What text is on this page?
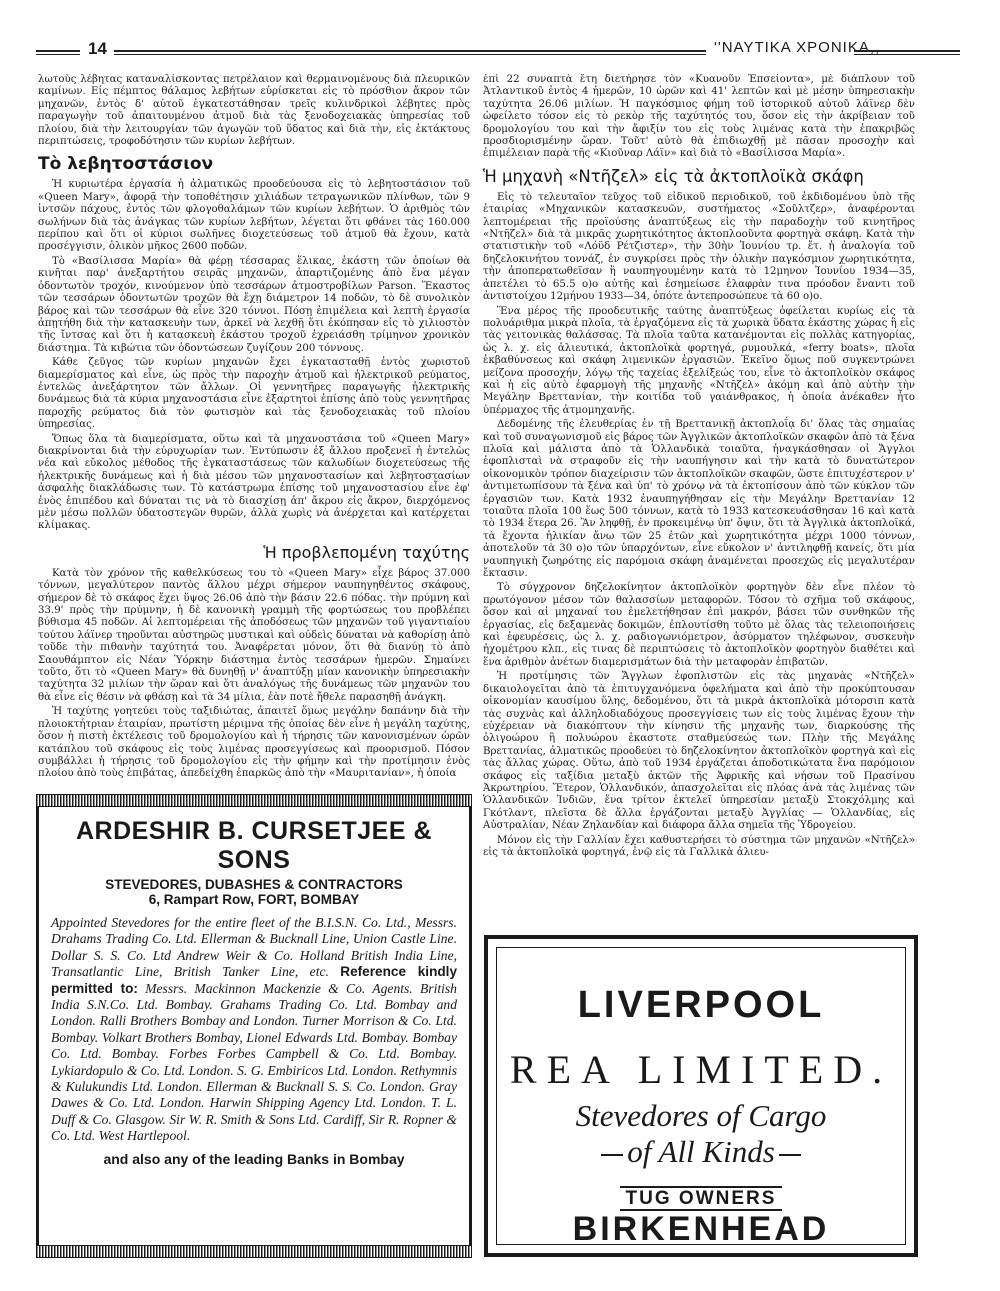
14	''ΝΑΥΤΙΚΑ ΧΡΟΝΙΚΑ,,

λωτοὺς λέβητας καταναλίσκοντας πετρέλαιον καὶ θερμαινομένους διὰ πλευρικῶν καμίνων. Εἰς πέμπτος θάλαμος λεβήτων εὑρίσκεται εἰς τὸ πρόσθιον ἄκρον τῶν μηχανῶν, ἐντὸς δ' αὐτοῦ ἐγκατεστάθησαν τρεῖς κυλινδρικοὶ λέβητες πρὸς παραγωγὴν τοῦ ἀπαιτουμένου ἀτμοῦ διὰ τὰς ξενοδοχειακὰς ὑπηρεσίας τοῦ πλοίου, διὰ τὴν λειτουργίαν τῶν ἀγωγῶν τοῦ ὕδατος καὶ διὰ τὴν, εἰς ἐκτάκτους περιπτώσεις, τροφοδότησιν τῶν κυρίων λεβήτων.

Τὸ λεβητοστάσιον

Ἡ κυριωτέρα ἐργασία ἡ ἀλματικῶς προοδεύουσα εἰς τὸ λεβητοστάσιον τοῦ «Queen Mary», ἀφορᾷ τὴν τοποθέτησιν χιλιάδων τετραγωνικῶν πλίνθων, τῶν 9 ἰντσῶν πάχους, ἐντὸς τῶν φλογοθαλάμων τῶν κυρίων λεβήτων. Ὁ ἀριθμὸς τῶν σωλήνων διὰ τὰς ἀνάγκας τῶν κυρίων λεβήτων, λέγεται ὅτι φθάνει τὰς 160.000 περίπου καὶ ὅτι οἱ κύριοι σωλῆνες διοχετεύσεως τοῦ ἀτμοῦ θὰ ἔχουν, κατὰ προσέγγισιν, ὁλικὸν μῆκος 2600 ποδῶν.

Τὸ «Βασίλισσα Μαρία» θὰ φέρῃ τέσσαρας ἕλικας, ἑκάστη τῶν ὁποίων θὰ κινῆται παρ' ἀνεξαρτήτου σειρᾶς μηχανῶν, ἀπαρτιζομένης ἀπὸ ἕνα μέγαν ὀδοντωτὸν τροχόν, κινούμενον ὑπὸ τεσσάρων ἀτμοστροβίλων Parson. Ἕκαστος τῶν τεσσάρων ὀδοντωτῶν τροχῶν θὰ ἔχῃ διάμετρον 14 ποδῶν, τὸ δὲ συνολικὸν βάρος καὶ τῶν τεσσάρων θὰ εἶνε 320 τόννοι. Πόσῃ ἐπιμέλεια καὶ λεπτὴ ἐργασία ἀπῃτήθη διὰ τὴν κατασκευὴν των, ἀρκεῖ νὰ λεχθῇ ὅτι ἐκόπησαν εἰς τὸ χιλιοστὸν τῆς ἴντσας καὶ ὅτι ἡ κατασκευὴ ἑκάστου τροχοῦ ἐχρειάσθη τρίμηνον χρονικὸν διάστημα. Τὰ κιβώτια τῶν ὀδοντώσεων ζυγίζουν 200 τόννους.

Κάθε ζεῦγος τῶν κυρίων μηχανῶν ἔχει ἐγκατασταθῇ ἐντὸς χωριστοῦ διαμερίσματος καὶ εἶνε, ὡς πρὸς τὴν παροχὴν ἀτμοῦ καὶ ἠλεκτρικοῦ ρεύματος, ἐντελῶς ἀνεξάρτητον τῶν ἄλλων. Οἱ γεννητῆρες παραγωγῆς ἠλεκτρικῆς δυνάμεως διὰ τὰ κύρια μηχανοστάσια εἶνε ἐξαρτητοὶ ἐπίσης ἀπὸ τοὺς γεννητῆρας παροχῆς ρεύματος διὰ τὸν φωτισμὸν καὶ τὰς ξενοδοχειακὰς τοῦ πλοίου ὑπηρεσίας.

Ὅπως ὅλα τὰ διαμερίσματα, οὕτω καὶ τὰ μηχανοστάσια τοῦ «Queen Mary» διακρίνονται διὰ τὴν εὐρυχωρίαν των. Ἐντύπωσιν ἐξ ἄλλου προξενεῖ ἡ ἐντελὼς νέα καὶ εὔκολος μέθοδος τῆς ἐγκαταστάσεως τῶν καλωδίων διοχετεύσεως τῆς ἠλεκτρικῆς δυνάμεως καὶ ἡ διὰ μέσου τῶν μηχανοστασίων καὶ λεβητοστασίων ἀσφαλὴς διακλάδωσις των. Τὸ κατάστρωμα ἐπίσης τοῦ μηχανοστασίου εἶνε ἐφ' ἑνὸς ἐπιπέδου καὶ δύναται τις νὰ τὸ διασχίσῃ ἀπ' ἄκρου εἰς ἄκρον, διερχόμενος μὲν μέσω πολλῶν ὑδατοστεγῶν θυρῶν, ἀλλὰ χωρὶς νὰ ἀνέρχεται καὶ κατέρχεται κλίμακας.

Ἡ προβλεπομένη ταχύτης

Κατὰ τὸν χρόνον τῆς καθελκύσεως του τὸ «Queen Mary» εἶχε βάρος 37.000 τόννων, μεγαλύτερον παντὸς ἄλλου μέχρι σήμερον ναυπηγηθέντος σκάφους, σήμερον δὲ τὸ σκάφος ἔχει ὕψος 26.06 ἀπὸ τὴν βάσιν 22.6 πόδας. τὴν πρύμνη καὶ 33.9' πρὸς τὴν πρύμνην, ἡ δὲ κανονικὴ γραμμὴ τῆς φορτώσεως του προβλέπει βύθισμα 45 ποδῶν. Αἱ λεπτομέρειαι τῆς ἀποδόσεως τῶν μηχανῶν τοῦ γιγαντιαίου τούτου λάϊνερ τηροῦνται αὐστηρῶς μυστικαὶ καὶ οὐδεὶς δύναται νὰ καθορίσῃ ἀπὸ τοῦδε τὴν πιθανὴν ταχύτητά του. Ἀναφέρεται μόνον, ὅτι θὰ διανύῃ τὸ ἀπὸ Σαουθάμπτον εἰς Νέαν Ὑόρκην διάστημα ἐντὸς τεσσάρων ἡμερῶν. Σημαίνει τοῦτο, ὅτι τὸ «Queen Mary» θὰ δυνηθῇ ν' ἀναπτύξῃ μίαν κανονικὴν ὑπηρεσιακὴν ταχύτητα 32 μιλίων τὴν ὥραν καὶ ὅτι ἀναλόγως τῆς δυνάμεως τῶν μηχανῶν του θὰ εἶνε εἰς θέσιν νὰ φθάσῃ καὶ τὰ 34 μίλια, ἐὰν ποτὲ ἤθελε παρασηθῇ ἀνάγκη.

Ἡ ταχύτης γοητεύει τοὺς ταξιδιώτας, ἀπαιτεῖ ὅμως μεγάλην δαπάνην διὰ τὴν πλοιοκτήτριαν ἑταιρίαν, πρωτίστη μέριμνα τῆς ὁποίας δὲν εἶνε ἡ μεγάλη ταχύτης, ὅσον ἡ πιστὴ ἐκτέλεσις τοῦ δρομολογίου καὶ ἡ τήρησις τῶν κανονισμένων ὡρῶν κατάπλου τοῦ σκάφους εἰς τοὺς λιμένας προσεγγίσεως καὶ προορισμοῦ. Πόσον συμβάλλει ἡ τήρησις τοῦ δρομολογίου εἰς τὴν φήμην καὶ τὴν προτίμησιν ἑνὸς πλοίου ἀπὸ τοὺς ἐπιβάτας, ἀπεδείχθη ἐπαρκῶς ἀπὸ τὴν «Μαυριτανίαν», ἡ ὁποία

ἐπὶ 22 συναπτὰ ἔτη διετήρησε τὸν «Κυανοῦν Ἐπσείοντα», μὲ διάπλουν τοῦ Ἀτλαντικοῦ ἐντὸς 4 ἡμερῶν, 10 ὡρῶν καὶ 41' λεπτῶν καὶ μὲ μέσην ὑπηρεσιακὴν ταχύτητα 26.06 μιλίων. Ἡ παγκόσμιος φήμη τοῦ ἱστορικοῦ αὐτοῦ λάϊνερ δὲν ὠφείλετο τόσον εἰς τὸ ρεκὸρ τῆς ταχύτητός του, ὅσον εἰς τὴν ἀκρίβειαν τοῦ δρομολογίου του καὶ τὴν ἄφιξίν του εἰς τοὺς λιμένας κατὰ τὴν ἐπακριβῶς προσδιορισμένην ὥραν. Τοῦτ' αὐτὸ θὰ ἐπιδιωχθῇ μὲ πᾶσαν προσοχὴν καὶ ἐπιμέλειαν παρὰ τῆς «Κιοῦναρ Λάϊν» καὶ διὰ τὸ «Βασίλισσα Μαρία».

Ἡ μηχανὴ «Ντῆζελ» εἰς τὰ ἀκτοπλοϊκὰ σκάφη

Εἰς τὸ τελευταῖον τεῦχος τοῦ εἰδικοῦ περιοδικοῦ, τοῦ ἐκδιδομένου ὑπὸ τῆς ἑταιρίας «Μηχανικῶν κατασκευῶν, συστήματος «Σοῦλτζερ», ἀναφέρονται λεπτομέρειαι τῆς προϊούσης ἀναπτύξεως εἰς τὴν παραδοχὴν τοῦ κινητῆρος «Ντῆζελ» διὰ τὰ μικρᾶς χωρητικότητος ἀκτοπλοοῦντα φορτηγὰ σκάφη. Κατὰ τὴν στατιστικὴν τοῦ «Λόϋδ Ρέτζιστερ», τὴν 30ὴν Ἰουνίου τρ. ἔτ. ἡ ἀναλογία τοῦ δηζελοκινήτου τοννάζ, ἐν συγκρίσει πρὸς τὴν ὁλικὴν παγκόσμιον χωρητικότητα, τὴν ἀποπερατωθεῖσαν ἢ ναυπηγουμένην κατὰ τὸ 12μηνον Ἰουνίου 1934—35, ἀπετέλει τὸ 65.5 ο)ο αὐτῆς καὶ ἐσημείωσε ἐλαφρὰν τινα πρόοδον ἔναντι τοῦ ἀντιστοίχου 12μήνου 1933—34, ὁπότε ἀντεπροσώπευε τὰ 60 ο)ο.

Ἕνα μέρος τῆς προοδευτικῆς ταύτης ἀναπτύξεως ὀφείλεται κυρίως εἰς τὰ πολυάριθμα μικρὰ πλοῖα, τὰ ἐργαζόμενα εἰς τὰ χωρικὰ ὕδατα ἑκάστης χώρας ἢ εἰς τὰς γειτονικὰς θαλάσσας. Τὰ πλοῖα ταῦτα κατανέμονται εἰς πολλὰς κατηγορίας, ὡς λ. χ. εἰς ἁλιευτικά, ἀκτοπλοϊκὰ φορτηγά, ρυμουλκά, «ferry boats», πλοῖα ἐκβαθύνσεως καὶ σκάφη λιμενικῶν ἐργασιῶν. Ἐκεῖνο ὅμως ποῦ συγκεντρώνει μείζονα προσοχήν, λόγῳ τῆς ταχείας ἐξελίξεώς του, εἶνε τὸ ἀκτοπλοϊκὸν σκάφος καὶ ἡ εἰς αὐτὸ ἐφαρμογὴ τῆς μηχανῆς «Ντῆζελ» ἀκόμη καὶ ἀπὸ αὐτὴν τὴν Μεγάλην Βρεττανίαν, τὴν κοιτίδα τοῦ γαιάνθρακος, ἡ ὁποία ἀνέκαθεν ἦτο ὑπέρμαχος τῆς ἀτμομηχανῆς.

Δεδομένης τῆς ἐλευθερίας ἐν τῇ Βρεττανικῇ ἀκτοπλοΐᾳ δι' ὅλας τὰς σημαίας καὶ τοῦ συναγωνισμοῦ εἰς βάρος τῶν Ἀγγλικῶν ἀκτοπλοϊκῶν σκαφῶν ἀπὸ τὰ ξένα πλοῖα καὶ μάλιστα ἀπὸ τὰ Ὁλλανδικὰ τοιαῦτα, ἠναγκάσθησαν οἱ Ἄγγλοι ἐφοπλισταὶ νὰ στραφοῦν εἰς τὴν ναυπήγησιν καὶ τὴν κατὰ τὸ δυνατώτερον οἰκονομικὸν τρόπον διαχείρισιν τῶν ἀκτοπλοϊκῶν σκαφῶν, ὥστε ἐπιτυχέστερον ν' ἀντιμετωπίσουν τὰ ξένα καὶ ὑπ' τὸ χρόνῳ νὰ τὰ ἐκτοπίσουν ἀπὸ τῶν κύκλον τῶν ἐργασιῶν των. Κατὰ 1932 ἐναυπηγήθησαν εἰς τὴν Μεγάλην Βρεττανίαν 12 τοιαῦτα πλοῖα 100 ἕως 500 τόννων, κατὰ τὸ 1933 κατεσκευάσθησαν 16 καὶ κατὰ τὸ 1934 ἕτερα 26. Ἂν ληφθῇ, ἐν προκειμένῳ ὑπ' ὄψιν, ὅτι τὰ Ἀγγλικὰ ἀκτοπλοϊκά, τὰ ἔχοντα ἡλικίαν ἄνω τῶν 25 ἐτῶν καὶ χωρητικότητα μέχρι 1000 τόννων, ἀποτελοῦν τὰ 30 ο)ο τῶν ὑπαρχόντων, εἶνε εὔκολον ν' ἀντιληφθῇ κανείς, ὅτι μία ναυπηγικὴ ζωηρότης εἰς παρόμοια σκάφη ἀναμένεται προσεχῶς εἰς μεγαλυτέραν ἔκτασιν.

Τὸ σύγχρονον δηζελοκίνητον ἀκτοπλοϊκὸν φορτηγὸν δὲν εἶνε πλέον τὸ πρωτόγονον μέσον τῶν θαλασσίων μεταφορῶν. Τόσον τὸ σχῆμα τοῦ σκάφους, ὅσον καὶ αἱ μηχαναί του ἐμελετήθησαν ἐπὶ μακρόν, βάσει τῶν συνθηκῶν τῆς ἐργασίας, εἰς δεξαμενὰς δοκιμῶν, ἐπλουτίσθη τοῦτο μὲ ὅλας τὰς τελειοποιήσεις καὶ ἐφευρέσεις, ὡς λ. χ. ραδιογωνιόμετρον, ἀσύρματον τηλέφωνον, συσκευὴν ἠχομέτρου κλπ., εἰς τινας δὲ περιπτώσεις τὸ ἀκτοπλοϊκὸν φορτηγὸν διαθέτει καὶ ἕνα ἀριθμὸν ἀνέτων διαμερισμάτων διὰ τὴν μεταφορὰν ἐπιβατῶν.

Ἡ προτίμησις τῶν Ἄγγλων ἐφοπλιστῶν εἰς τὰς μηχανὰς «Ντῆζελ» δικαιολογεῖται ἀπὸ τὰ ἐπιτυγχανόμενα ὀφελήματα καὶ ἀπὸ τὴν προκύπτουσαν οἰκονομίαν καυσίμου ὕλης, δεδομένου, ὅτι τὰ μικρὰ ἀκτοπλοϊκὰ μότορσιπ κατὰ τὰς συχνὰς καὶ ἀλληλοδιαδόχους προσεγγίσεις των εἰς τοὺς λιμένας ἔχουν τὴν εὐχέρειαν νὰ διακόπτουν τὴν κίνησιν τῆς μηχανῆς των, διαρκούσης τῆς ὀλιγοώρου ἢ πολυώρου ἑκαστοτε σταθμεύσεώς των. Πλὴν τῆς Μεγάλης Βρεττανίας, ἀλματικῶς προοδεύει τὸ δηζελοκίνητον ἀκτοπλοϊκὸν φορτηγὰ καὶ εἰς τὰς ἄλλας χώρας. Οὕτω, ἀπὸ τοῦ 1934 ἐργάζεται ἀποδοτικώτατα ἕνα παρόμοιον σκάφος εἰς ταξίδια μεταξὺ ἀκτῶν τῆς Ἀφρικῆς καὶ νήσων τοῦ Πρασίνου Ἀκρωτηρίου. Ἕτερον, Ὁλλανδικόν, ἀπασχολεῖται εἰς πλόας ἀνὰ τὰς λιμένας τῶν Ὁλλανδικῶν Ἰνδιῶν, ἕνα τρίτον ἐκτελεῖ ὑπηρεσίαν μεταξὺ Στοκχόλμης καὶ Γκότλαντ, πλεῖστα δὲ ἄλλα ἐργάζονται μεταξὺ Ἀγγλίας — Ὁλλανδίας, εἰς Αὐστραλίαν, Νέαν Ζηλανδίαν καὶ διάφορα ἄλλα σημεῖα τῆς Ὑδρογείου.

Μόνον εἰς τὴν Γαλλίαν ἔχει καθυστερήσει τὸ σύστημα τῶν μηχανῶν «Ντῆζελ» εἰς τὰ ἀκτοπλοϊκὰ φορτηγά, ἐνῷ εἰς τὰ Γαλλικὰ ἀλιευ-

ARDESHIR B. CURSETJEE & SONS
STEVEDORES, DUBASHES & CONTRACTORS
6, Rampart Row, FORT, BOMBAY
Appointed Stevedores for the entire fleet of the B.I.S.N. Co. Ltd., Messrs. Drahams Trading Co. Ltd. Ellerman & Bucknall Line, Union Castle Line. Dollar S. S. Co. Ltd Andrew Weir & Co. Holland British India Line, Transatlantic Line, British Tanker Line, etc. Reference kindly permitted to: Messrs. Mackinnon Mackenzie & Co. Agents. British India S.N.Co. Ltd. Bombay. Grahams Trading Co. Ltd. Bombay and London. Ralli Brothers Bombay and London. Turner Morrison & Co. Ltd. Bombay. Volkart Brothers Bombay, Lionel Edwards Ltd. Bombay. Bombay Co. Ltd. Bombay. Forbes Forbes Campbell & Co. Ltd. Bombay. Lykiardopulo & Co. Ltd. London. S. G. Embiricos Ltd. London. Rethymnis & Kulukundis Ltd. London. Ellerman & Bucknall S. S. Co. London. Gray Dawes & Co. Ltd. London. Harwin Shipping Agency Ltd. London. T. L. Duff & Co. Glasgow. Sir W. R. Smith & Sons Ltd. Cardiff, Sir R. Ropner & Co. Ltd. West Hartlepool.
and also any of the leading Banks in Bombay
LIVERPOOL
REA LIMITED.
Stevedores of Cargo
of All Kinds
TUG OWNERS
BIRKENHEAD
